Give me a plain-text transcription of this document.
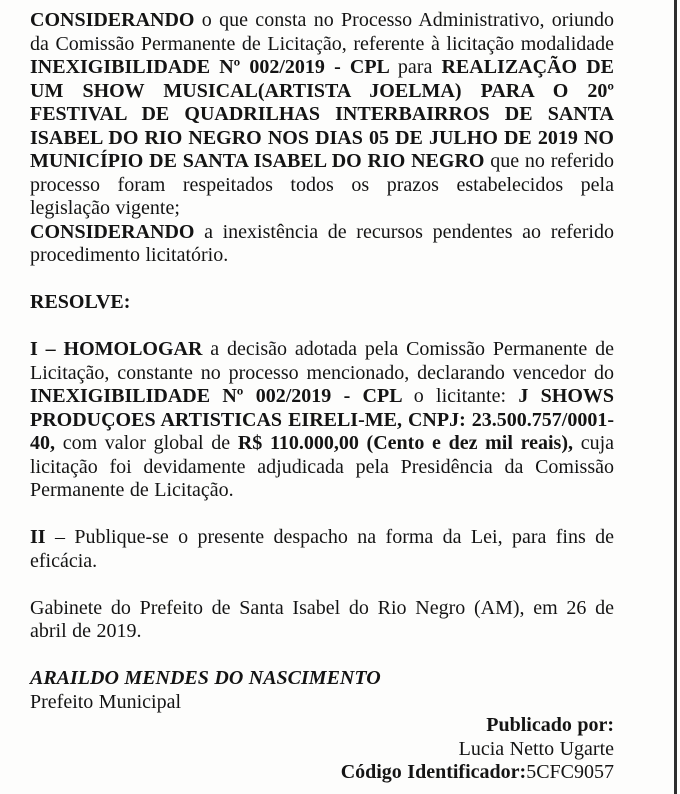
CONSIDERANDO o que consta no Processo Administrativo, oriundo da Comissão Permanente de Licitação, referente à licitação modalidade INEXIGIBILIDADE Nº 002/2019 - CPL para REALIZAÇÃO DE UM SHOW MUSICAL(ARTISTA JOELMA) PARA O 20º FESTIVAL DE QUADRILHAS INTERBAIRROS DE SANTA ISABEL DO RIO NEGRO NOS DIAS 05 DE JULHO DE 2019 NO MUNICÍPIO DE SANTA ISABEL DO RIO NEGRO que no referido processo foram respeitados todos os prazos estabelecidos pela legislação vigente;

CONSIDERANDO a inexistência de recursos pendentes ao referido procedimento licitatório.

RESOLVE:

I – HOMOLOGAR a decisão adotada pela Comissão Permanente de Licitação, constante no processo mencionado, declarando vencedor do INEXIGIBILIDADE Nº 002/2019 - CPL o licitante: J SHOWS PRODUÇOES ARTISTICAS EIRELI-ME, CNPJ: 23.500.757/0001-40, com valor global de R$ 110.000,00 (Cento e dez mil reais), cuja licitação foi devidamente adjudicada pela Presidência da Comissão Permanente de Licitação.

II – Publique-se o presente despacho na forma da Lei, para fins de eficácia.

Gabinete do Prefeito de Santa Isabel do Rio Negro (AM), em 26 de abril de 2019.

ARAILDO MENDES DO NASCIMENTO

Prefeito Municipal

Publicado por:

Lucia Netto Ugarte

Código Identificador:5CFC9057
